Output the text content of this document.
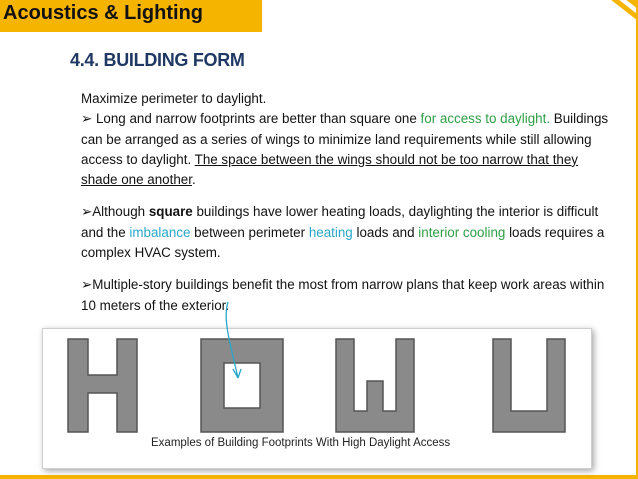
Acoustics & Lighting
4.4. BUILDING FORM

Maximize perimeter to daylight.

➢ Long and narrow footprints are better than square one for access to daylight. Buildings can be arranged as a series of wings to minimize land requirements while still allowing access to daylight. The space between the wings should not be too narrow that they shade one another.

➢Although square buildings have lower heating loads, daylighting the interior is difficult and the imbalance between perimeter heating loads and interior cooling loads requires a complex HVAC system.

➢Multiple-story buildings benefit the most from narrow plans that keep work areas within 10 meters of the exterior.

Examples of Building Footprints With High Daylight Access
